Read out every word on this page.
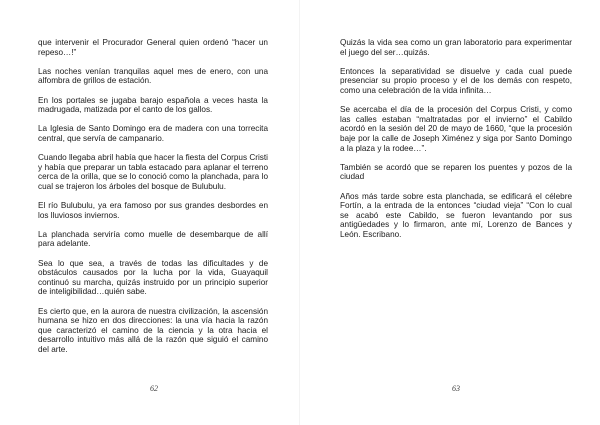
que intervenir el Procurador General quien ordenó “hacer un repeso…!”

Las noches venían tranquilas aquel mes de enero, con una alfombra de grillos de estación.

En los portales se jugaba barajo española a veces hasta la madrugada, matizada por el canto de los gallos.

La Iglesia de Santo Domingo era de madera con una torrecita central, que servía de campanario.

Cuando llegaba abril había que hacer la fiesta del Corpus Cristi y había que preparar un tabla estacado para aplanar el terreno cerca de la orilla, que se lo conoció como la planchada, para lo cual se trajeron los árboles del bosque de Bulubulu.

El río Bulubulu, ya era famoso por sus grandes desbordes en los lluviosos inviernos.

La planchada serviría como muelle de desembarque de allí para adelante.

Sea lo que sea, a través de todas las dificultades y de obstáculos causados por la lucha por la vida, Guayaquil continuó su marcha, quizás instruido por un principio superior de inteligibilidad…quién sabe.

Es cierto que, en la aurora de nuestra civilización, la ascensión humana se hizo en dos direcciones: la una vía hacia la razón que caracterizó el camino de la ciencia y la otra hacia el desarrollo intuitivo más allá de la razón que siguió el camino del arte.

62

Quizás la vida sea como un gran laboratorio para experimentar el juego del ser…quizás.

Entonces la separatividad se disuelve y cada cual puede presenciar su propio proceso y el de los demás con respeto, como una celebración de la vida infinita…

Se acercaba el día de la procesión del Corpus Cristi, y como las calles estaban “maltratadas por el invierno” el Cabildo acordó en la sesión del 20 de mayo de 1660, “que la procesión baje por la calle de Joseph Ximénez y siga por Santo Domingo a la plaza y la rodee…”.

También se acordó que se reparen los puentes y pozos de la ciudad

Años más tarde sobre esta planchada, se edificará el célebre Fortín, a la entrada de la entonces “ciudad vieja” “Con lo cual se acabó este Cabildo, se fueron levantando por sus antigüedades y lo firmaron, ante mí, Lorenzo de Bances y León. Escribano.

63
